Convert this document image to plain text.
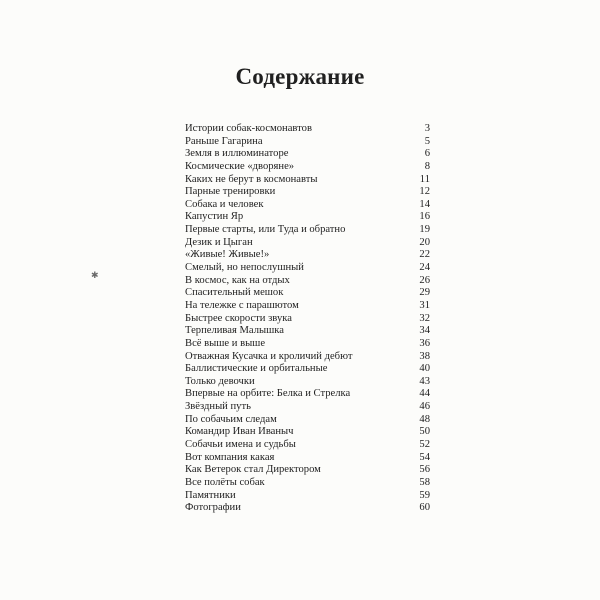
Содержание
✱
Истории собак-космонавтов	3
Раньше Гагарина	5
Земля в иллюминаторе	6
Космические «дворяне»	8
Каких не берут в космонавты	11
Парные тренировки	12
Собака и человек	14
Капустин Яр	16
Первые старты, или Туда и обратно	19
Дезик и Цыган	20
«Живые! Живые!»	22
Смелый, но непослушный	24
В космос, как на отдых	26
Спасительный мешок	29
На тележке с парашютом	31
Быстрее скорости звука	32
Терпеливая Малышка	34
Всё выше и выше	36
Отважная Кусачка и кроличий дебют	38
Баллистические и орбитальные	40
Только девочки	43
Впервые на орбите: Белка и Стрелка	44
Звёздный путь	46
По собачьим следам	48
Командир Иван Иваныч	50
Собачьи имена и судьбы	52
Вот компания какая	54
Как Ветерок стал Директором	56
Все полёты собак	58
Памятники	59
Фотографии	60
